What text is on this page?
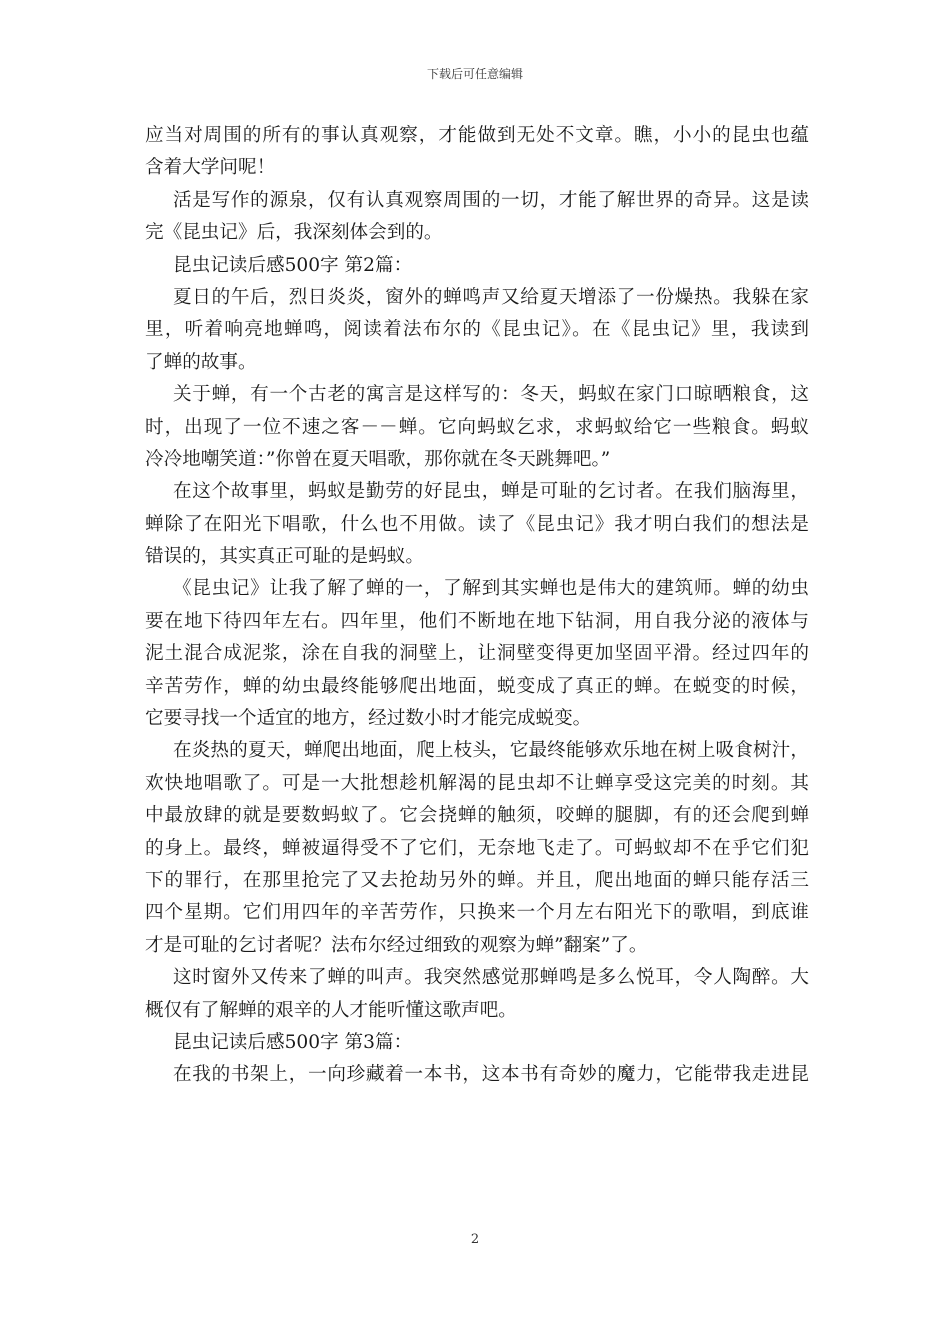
下载后可任意编辑
应当对周围的所有的事认真观察，才能做到无处不文章。瞧，小小的昆虫也蕴
含着大学问呢！
活是写作的源泉，仅有认真观察周围的一切，才能了解世界的奇异。这是读
完《昆虫记》后，我深刻体会到的。
昆虫记读后感500字 第2篇：
夏日的午后，烈日炎炎，窗外的蝉鸣声又给夏天增添了一份燥热。我躲在家
里，听着响亮地蝉鸣，阅读着法布尔的《昆虫记》。在《昆虫记》里，我读到
了蝉的故事。
关于蝉，有一个古老的寓言是这样写的：冬天，蚂蚁在家门口晾晒粮食，这
时，出现了一位不速之客－－蝉。它向蚂蚁乞求，求蚂蚁给它一些粮食。蚂蚁
冷冷地嘲笑道：”你曾在夏天唱歌，那你就在冬天跳舞吧。”
在这个故事里，蚂蚁是勤劳的好昆虫，蝉是可耻的乞讨者。在我们脑海里，
蝉除了在阳光下唱歌，什么也不用做。读了《昆虫记》我才明白我们的想法是
错误的，其实真正可耻的是蚂蚁。
《昆虫记》让我了解了蝉的一，了解到其实蝉也是伟大的建筑师。蝉的幼虫
要在地下待四年左右。四年里，他们不断地在地下钻洞，用自我分泌的液体与
泥土混合成泥浆，涂在自我的洞壁上，让洞壁变得更加坚固平滑。经过四年的
辛苦劳作，蝉的幼虫最终能够爬出地面，蜕变成了真正的蝉。在蜕变的时候，
它要寻找一个适宜的地方，经过数小时才能完成蜕变。
在炎热的夏天，蝉爬出地面，爬上枝头，它最终能够欢乐地在树上吸食树汁，
欢快地唱歌了。可是一大批想趁机解渴的昆虫却不让蝉享受这完美的时刻。其
中最放肆的就是要数蚂蚁了。它会挠蝉的触须，咬蝉的腿脚，有的还会爬到蝉
的身上。最终，蝉被逼得受不了它们，无奈地飞走了。可蚂蚁却不在乎它们犯
下的罪行，在那里抢完了又去抢劫另外的蝉。并且，爬出地面的蝉只能存活三
四个星期。它们用四年的辛苦劳作，只换来一个月左右阳光下的歌唱，到底谁
才是可耻的乞讨者呢？法布尔经过细致的观察为蝉”翻案”了。
这时窗外又传来了蝉的叫声。我突然感觉那蝉鸣是多么悦耳，令人陶醉。大
概仅有了解蝉的艰辛的人才能听懂这歌声吧。
昆虫记读后感500字 第3篇：
在我的书架上，一向珍藏着一本书，这本书有奇妙的魔力，它能带我走进昆
2
